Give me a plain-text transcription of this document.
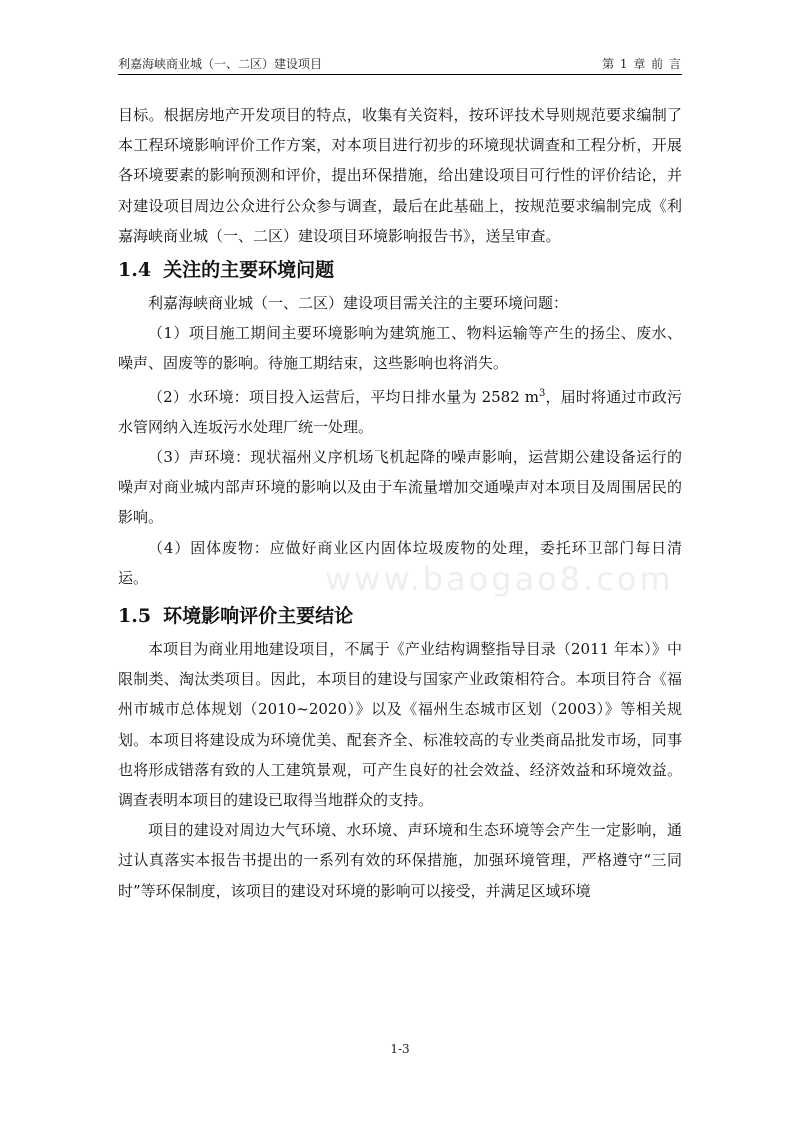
利嘉海峡商业城（一、二区）建设项目	第 1 章 前 言

目标。根据房地产开发项目的特点，收集有关资料，按环评技术导则规范要求编制了本工程环境影响评价工作方案，对本项目进行初步的环境现状调查和工程分析，开展各环境要素的影响预测和评价，提出环保措施，给出建设项目可行性的评价结论，并对建设项目周边公众进行公众参与调查，最后在此基础上，按规范要求编制完成《利嘉海峡商业城（一、二区）建设项目环境影响报告书》，送呈审查。

1.4 关注的主要环境问题

利嘉海峡商业城（一、二区）建设项目需关注的主要环境问题：

（1）项目施工期间主要环境影响为建筑施工、物料运输等产生的扬尘、废水、噪声、固废等的影响。待施工期结束，这些影响也将消失。

（2）水环境：项目投入运营后，平均日排水量为 2582 $m^3$，届时将通过市政污水管网纳入连坂污水处理厂统一处理。

（3）声环境：现状福州义序机场飞机起降的噪声影响，运营期公建设备运行的噪声对商业城内部声环境的影响以及由于车流量增加交通噪声对本项目及周围居民的影响。

（4）固体废物：应做好商业区内固体垃圾废物的处理，委托环卫部门每日清运。

1.5 环境影响评价主要结论

本项目为商业用地建设项目，不属于《产业结构调整指导目录（2011 年本）》中限制类、淘汰类项目。因此，本项目的建设与国家产业政策相符合。本项目符合《福州市城市总体规划（2010~2020）》以及《福州生态城市区划（2003）》等相关规划。本项目将建设成为环境优美、配套齐全、标准较高的专业类商品批发市场，同事也将形成错落有致的人工建筑景观，可产生良好的社会效益、经济效益和环境效益。调查表明本项目的建设已取得当地群众的支持。

项目的建设对周边大气环境、水环境、声环境和生态环境等会产生一定影响，通过认真落实本报告书提出的一系列有效的环保措施，加强环境管理，严格遵守“三同时”等环保制度，该项目的建设对环境的影响可以接受，并满足区域环境

www.baogao8.com
1-3
